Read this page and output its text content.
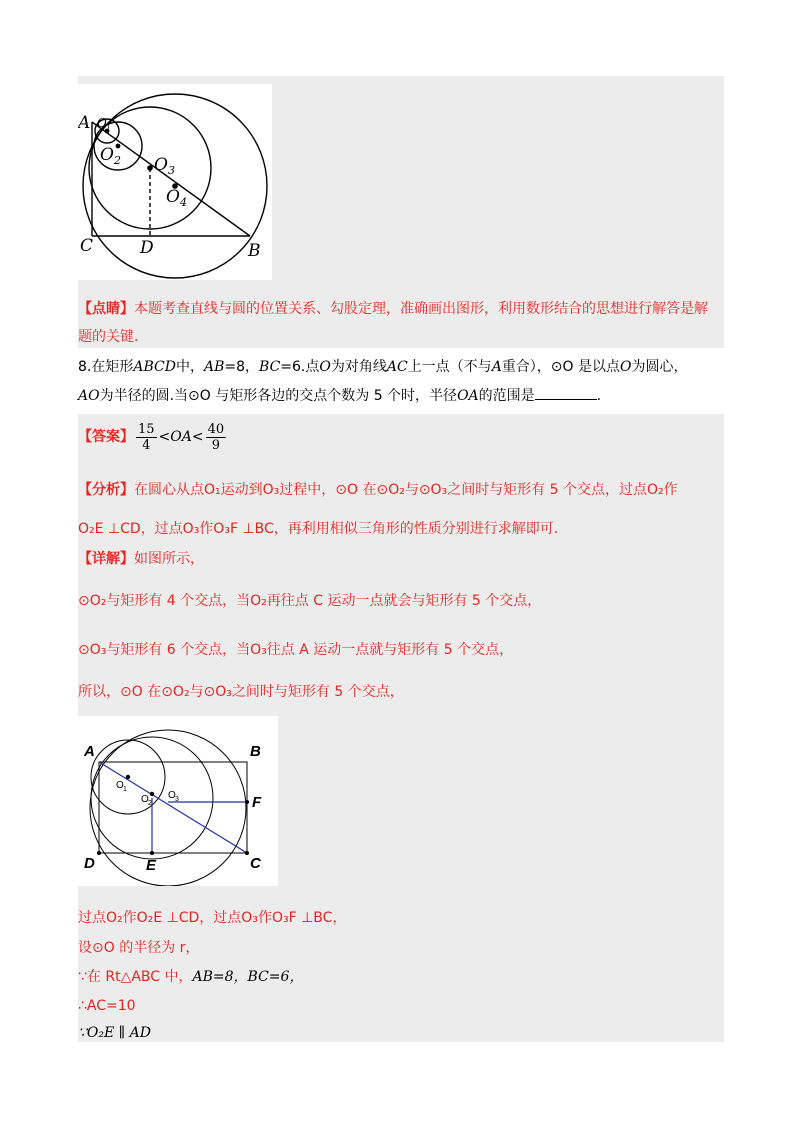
A O 1
O 2 O 3
O 4
C	D	B
【点睛】本题考查直线与圆的位置关系、勾股定理，准确画出图形，利用数形结合的思想进行解答是解
题的关键.
8.在矩形ABCD中，AB=8，BC=6.点O为对角线AC上一点（不与A重合），⊙O 是以点O为圆心，
AO为半径的圆.当⊙O 与矩形各边的交点个数为 5 个时，半径OA的范围是	.
【答案】 $\frac{15}{4} <OA< \frac{40}{9}$
【分析】在圆心从点O₁运动到O₃过程中，⊙O 在⊙O₂与⊙O₃之间时与矩形有 5 个交点，过点O₂作
O₂E ⊥CD，过点O₃作O₃F ⊥BC，再利用相似三角形的性质分别进行求解即可.
【详解】如图所示，
⊙O₂与矩形有 4 个交点，当O₂再往点 C 运动一点就会与矩形有 5 个交点，
⊙O₃与矩形有 6 个交点，当O₃往点 A 运动一点就与矩形有 5 个交点，
所以，⊙O 在⊙O₂与⊙O₃之间时与矩形有 5 个交点，
A	B
C
D	E
F
O 1
O 2
O 3
过点O₂作O₂E ⊥CD，过点O₃作O₃F ⊥BC，
设⊙O 的半径为 r，
∵在 Rt△ABC 中，AB=8，BC=6，
∴AC=10
∵O₂E ∥ AD
